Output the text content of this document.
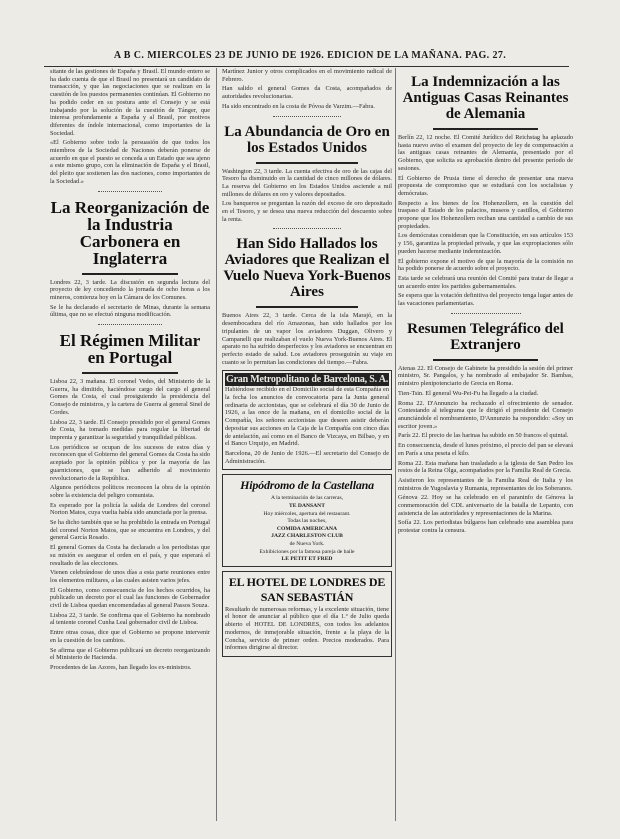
A B C. MIERCOLES 23 DE JUNIO DE 1926. EDICION DE LA MAÑANA. PAG. 27.

sitante de las gestiones de España y Brasil. El mundo entero se ha dado cuenta de que el Brasil no presentará un candidato de transacción, y que las negociaciones que se realizan en la cuestión de los puestos permanentes continúan. El Gobierno no ha podido ceder en su postura ante el Consejo y se está trabajando por la solución de la cuestión de Tánger, que interesa profundamente a España y al Brasil, por motivos diferentes de índole internacional, como importantes de la Sociedad.

«El Gobierno sobre todo la persuasión de que todos los miembros de la Sociedad de Naciones deberán ponerse de acuerdo en que el puesto se conceda a un Estado que sea ajeno a este mismo grupo, con la eliminación de España y el Brasil, del pleito que sostienen las dos naciones, como importantes de la Sociedad.»

La Reorganización de la Industria Carbonera en Inglaterra

Londres 22, 3 tarde. La discusión en segunda lectura del proyecto de ley concediendo la jornada de ocho horas a los mineros, comienza hoy en la Cámara de los Comunes.

Se le ha declarado el secretario de Minas, durante la semana última, que no se efectuó ninguna modificación.

El Régimen Militar en Portugal

Lisboa 22, 3 mañana. El coronel Vedes, del Ministerio de la Guerra, ha dimitido, haciéndose cargo del cargo el general Gomes da Costa, el cual prosiguiendo la presidencia del Consejo de ministros, y la cartera de Guerra al general Sinel de Cordes.

Lisboa 22, 3 tarde. El Consejo presidido por el general Gomes de Costa, ha tomado medidas para regular la libertad de imprenta y garantizar la seguridad y tranquilidad públicas.

Los periódicos se ocupan de los sucesos de estos días y reconocen que el Gobierno del general Gomes da Costa ha sido aceptado por la opinión pública y por la mayoría de las guarniciones, que se han adherido al movimiento revolucionario de la República.

Algunos periódicos políticos reconocen la obra de la opinión sobre la existencia del peligro comunista.

Es esperado por la policía la salida de Londres del coronel Norton Matos, cuya vuelta había sido anunciada por la prensa.

Se ha dicho también que se ha prohibido la entrada en Portugal del coronel Norton Matos, que se encuentra en Londres, y del general García Rosado.

El general Gomes da Costa ha declarado a los periodistas que su misión es asegurar el orden en el país, y que esperará el resultado de las elecciones.

Vienen celebrándose de unos días a esta parte reuniones entre los elementos militares, a las cuales asisten varios jefes.

El Gobierno, como consecuencia de los hechos ocurridos, ha publicado un decreto por el cual las funciones de Gobernador civil de Lisboa quedan encomendadas al general Passos Souza.

Lisboa 22, 3 tarde. Se confirma que el Gobierno ha nombrado al teniente coronel Cunha Leal gobernador civil de Lisboa.

Entre otras cosas, dice que el Gobierno se propone intervenir en la cuestión de los cambios.

Se afirma que el Gobierno publicará un decreto reorganizando el Ministerio de Hacienda.

Procedentes de las Azores, han llegado los ex-ministros.

Martínez Junior y otros complicados en el movimiento radical de Febrero.

Han salido el general Gomes da Costa, acompañados de autoridades revolucionarias.

Ha sido encontrado en la costa de Póvoa de Varzim.—Fabra.

La Abundancia de Oro en los Estados Unidos

Washington 22, 3 tarde. La cuenta efectiva de oro de las cajas del Tesoro ha disminuido en la cantidad de cinco millones de dólares. La reserva del Gobierno en los Estados Unidos asciende a mil millones de dólares en oro y valores depositados.

Los banqueros se preguntan la razón del exceso de oro depositado en el Tesoro, y se desea una nueva reducción del descuento sobre la renta.

Han Sido Hallados los Aviadores que Realizan el Vuelo Nueva York-Buenos Aires

Buenos Aires 22, 3 tarde. Cerca de la isla Marajó, en la desembocadura del río Amazonas, han sido hallados por los tripulantes de un vapor los aviadores Duggan, Olivero y Campanelli que realizaban el vuelo Nueva York-Buenos Aires. El aparato no ha sufrido desperfectos y los aviadores se encuentran en perfecto estado de salud. Los aviadores proseguirán su viaje en cuanto se lo permitan las condiciones del tiempo.—Fabra.

Gran Metropolitano de Barcelona, S. A.

Habiéndose recibido en el Domicilio social de esta Compañía en la fecha los anuncios de convocatoria para la Junta general ordinaria de accionistas, que se celebrará el día 30 de Junio de 1926, a las once de la mañana, en el domicilio social de la Compañía, los señores accionistas que deseen asistir deberán depositar sus acciones en la Caja de la Compañía con cinco días de antelación, así como en el Banco de Vizcaya, en Bilbao, y en el Banco Urquijo, en Madrid.

Barcelona, 20 de Junio de 1926.—El secretario del Consejo de Administración.

Hipódromo de la Castellana
A la terminación de las carreras,
TE DANSANT
Hoy miércoles, apertura del restaurant.
Todas las noches,
COMIDA AMERICANA
JAZZ CHARLESTON CLUB
de Nueva York.
Exhibiciones por la famosa pareja de baile
LE PETIT ET FRED
EL HOTEL DE LONDRES DE SAN SEBASTIÁN

Resultado de numerosas reformas, y la excelente situación, tiene el honor de anunciar al público que el día 1.º de Julio queda abierto el HOTEL DE LONDRES, con todos los adelantos modernos, de inmejorable situación, frente a la playa de la Concha, servicio de primer orden. Precios moderados. Para informes dirigirse al director.

La Indemnización a las Antiguas Casas Reinantes de Alemania

Berlín 22, 12 noche. El Comité Jurídico del Reichstag ha aplazado hasta nuevo aviso el examen del proyecto de ley de compensación a las antiguas casas reinantes de Alemania, presentado por el Gobierno, que solicita su aprobación dentro del presente período de sesiones.

El Gobierno de Prusia tiene el derecho de presentar una nueva propuesta de compromiso que se estudiará con los socialistas y demócratas.

Respecto a los bienes de los Hohenzollern, en la cuestión del traspaso al Estado de los palacios, museos y castillos, el Gobierno propone que los Hohenzollern reciban una cantidad a cambio de sus propiedades.

Los demócratas consideran que la Constitución, en sus artículos 153 y 156, garantiza la propiedad privada, y que las expropiaciones sólo pueden hacerse mediante indemnización.

El gobierno expone el motivo de que la mayoría de la comisión no ha podido ponerse de acuerdo sobre el proyecto.

Esta tarde se celebrará una reunión del Comité para tratar de llegar a un acuerdo entre los partidos gubernamentales.

Se espera que la votación definitiva del proyecto tenga lugar antes de las vacaciones parlamentarias.

Resumen Telegráfico del Extranjero

Atenas 22. El Consejo de Gabinete ha presidido la sesión del primer ministro, Sr. Pangalos, y ha nombrado al embajador Sr. Bambas, ministro plenipotenciario de Grecia en Roma.

Tien-Tsin. El general Wu-Pei-Fu ha llegado a la ciudad.

Roma 22. D'Annunzio ha rechazado el ofrecimiento de senador. Contestando al telegrama que le dirigió el presidente del Consejo anunciándole el nombramiento, D'Annunzio ha respondido: «Soy un escritor joven.»

París 22. El precio de las harinas ha subido en 50 francos el quintal.

En consecuencia, desde el lunes próximo, el precio del pan se elevará en París a una peseta el kilo.

Roma 22. Esta mañana han trasladado a la iglesia de San Pedro los restos de la Reina Olga, acompañados por la Familia Real de Grecia.

Asistieron los representantes de la Familia Real de Italia y los ministros de Yugoslavia y Rumania, representantes de los Soberanos.

Génova 22. Hoy se ha celebrado en el paraninfo de Génova la conmemoración del CDL aniversario de la batalla de Lepanto, con asistencia de las autoridades y representaciones de la Marina.

Sofía 22. Los periodistas búlgaros han celebrado una asamblea para protestar contra la censura.
